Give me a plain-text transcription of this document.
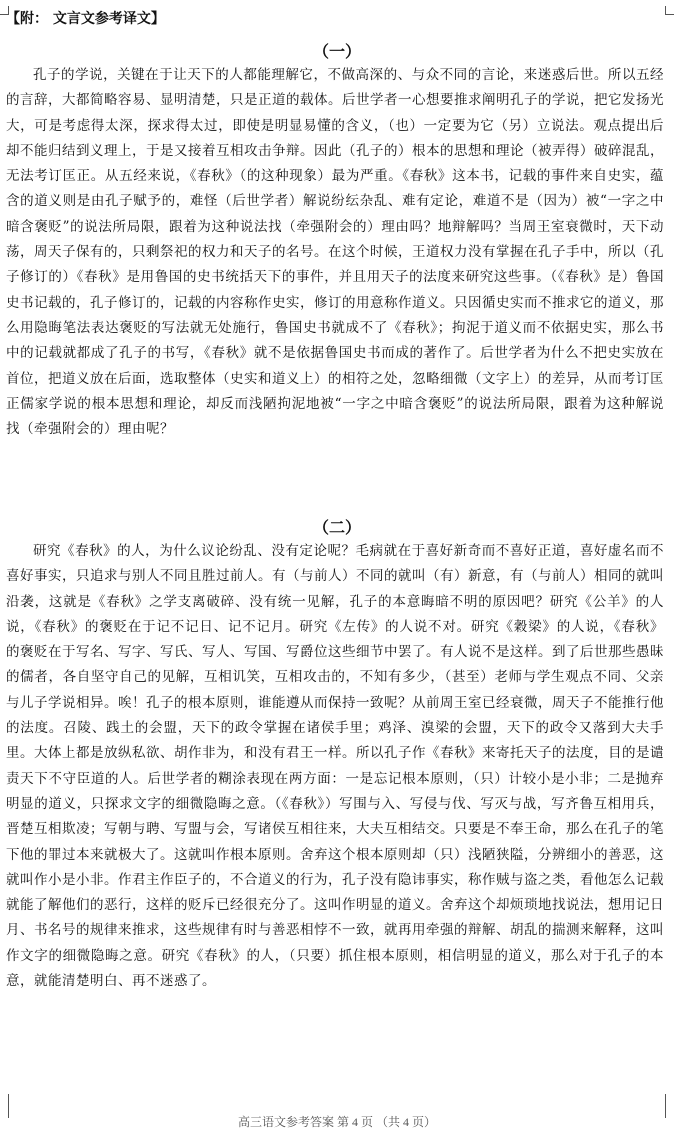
【附： 文言文参考译文】
（一）

孔子的学说，关键在于让天下的人都能理解它，不做高深的、与众不同的言论，来迷惑后世。所以五经的言辞，大都简略容易、显明清楚，只是正道的载体。后世学者一心想要推求阐明孔子的学说，把它发扬光大，可是考虑得太深，探求得太过，即使是明显易懂的含义，（也）一定要为它（另）立说法。观点提出后却不能归结到义理上，于是又接着互相攻击争辩。因此（孔子的）根本的思想和理论（被弄得）破碎混乱，无法考订匡正。从五经来说，《春秋》（的这种现象）最为严重。《春秋》这本书，记载的事件来自史实，蕴含的道义则是由孔子赋予的，难怪（后世学者）解说纷纭杂乱、难有定论，难道不是（因为）被“一字之中暗含褒贬”的说法所局限，跟着为这种说法找（牵强附会的）理由吗？地辩解吗？当周王室衰微时，天下动荡，周天子保有的，只剩祭祀的权力和天子的名号。在这个时候，王道权力没有掌握在孔子手中，所以（孔子修订的）《春秋》是用鲁国的史书统括天下的事件，并且用天子的法度来研究这些事。（《春秋》是）鲁国史书记载的，孔子修订的，记载的内容称作史实，修订的用意称作道义。只因循史实而不推求它的道义，那么用隐晦笔法表达褒贬的写法就无处施行，鲁国史书就成不了《春秋》；拘泥于道义而不依据史实，那么书中的记载就都成了孔子的书写，《春秋》就不是依据鲁国史书而成的著作了。后世学者为什么不把史实放在首位，把道义放在后面，选取整体（史实和道义上）的相符之处，忽略细微（文字上）的差异，从而考订匡正儒家学说的根本思想和理论，却反而浅陋拘泥地被“一字之中暗含褒贬”的说法所局限，跟着为这种解说找（牵强附会的）理由呢？

（二）

研究《春秋》的人，为什么议论纷乱、没有定论呢？毛病就在于喜好新奇而不喜好正道，喜好虚名而不喜好事实，只追求与别人不同且胜过前人。有（与前人）不同的就叫（有）新意，有（与前人）相同的就叫沿袭，这就是《春秋》之学支离破碎、没有统一见解，孔子的本意晦暗不明的原因吧？研究《公羊》的人说，《春秋》的褒贬在于记不记日、记不记月。研究《左传》的人说不对。研究《穀梁》的人说，《春秋》的褒贬在于写名、写字、写氏、写人、写国、写爵位这些细节中罢了。有人说不是这样。到了后世那些愚昧的儒者，各自坚守自己的见解，互相讥笑，互相攻击的，不知有多少，（甚至）老师与学生观点不同、父亲与儿子学说相异。唉！孔子的根本原则，谁能遵从而保持一致呢？从前周王室已经衰微，周天子不能推行他的法度。召陵、践土的会盟，天下的政令掌握在诸侯手里；鸡泽、溴梁的会盟，天下的政令又落到大夫手里。大体上都是放纵私欲、胡作非为，和没有君王一样。所以孔子作《春秋》来寄托天子的法度，目的是谴责天下不守臣道的人。后世学者的糊涂表现在两方面：一是忘记根本原则，（只）计较小是小非；二是抛弃明显的道义，只探求文字的细微隐晦之意。（《春秋》）写围与入、写侵与伐、写灭与战，写齐鲁互相用兵，晋楚互相欺凌；写朝与聘、写盟与会，写诸侯互相往来，大夫互相结交。只要是不奉王命，那么在孔子的笔下他的罪过本来就极大了。这就叫作根本原则。舍弃这个根本原则却（只）浅陋狭隘，分辨细小的善恶，这就叫作小是小非。作君主作臣子的，不合道义的行为，孔子没有隐讳事实，称作贼与盗之类，看他怎么记载就能了解他们的恶行，这样的贬斥已经很充分了。这叫作明显的道义。舍弃这个却烦琐地找说法，想用记日月、书名号的规律来推求，这些规律有时与善恶相悖不一致，就再用牵强的辩解、胡乱的揣测来解释，这叫作文字的细微隐晦之意。研究《春秋》的人，（只要）抓住根本原则，相信明显的道义，那么对于孔子的本意，就能清楚明白、再不迷惑了。

高三语文参考答案 第 4 页 （共 4 页）
